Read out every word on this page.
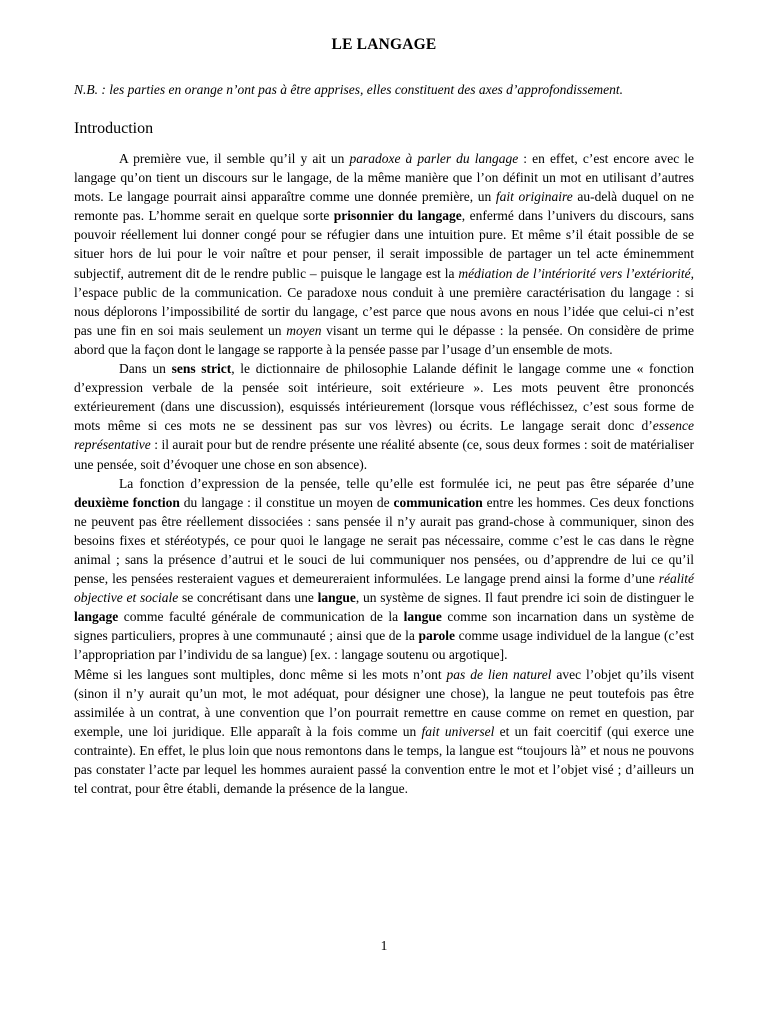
LE LANGAGE

N.B. : les parties en orange n’ont pas à être apprises, elles constituent des axes d’approfondissement.

Introduction

A première vue, il semble qu’il y ait un paradoxe à parler du langage : en effet, c’est encore avec le langage qu’on tient un discours sur le langage, de la même manière que l’on définit un mot en utilisant d’autres mots. Le langage pourrait ainsi apparaître comme une donnée première, un fait originaire au-delà duquel on ne remonte pas. L’homme serait en quelque sorte prisonnier du langage, enfermé dans l’univers du discours, sans pouvoir réellement lui donner congé pour se réfugier dans une intuition pure. Et même s’il était possible de se situer hors de lui pour le voir naître et pour penser, il serait impossible de partager un tel acte éminemment subjectif, autrement dit de le rendre public – puisque le langage est la médiation de l’intériorité vers l’extériorité, l’espace public de la communication. Ce paradoxe nous conduit à une première caractérisation du langage : si nous déplorons l’impossibilité de sortir du langage, c’est parce que nous avons en nous l’idée que celui-ci n’est pas une fin en soi mais seulement un moyen visant un terme qui le dépasse : la pensée. On considère de prime abord que la façon dont le langage se rapporte à la pensée passe par l’usage d’un ensemble de mots.

Dans un sens strict, le dictionnaire de philosophie Lalande définit le langage comme une « fonction d’expression verbale de la pensée soit intérieure, soit extérieure ». Les mots peuvent être prononcés extérieurement (dans une discussion), esquissés intérieurement (lorsque vous réfléchissez, c’est sous forme de mots même si ces mots ne se dessinent pas sur vos lèvres) ou écrits. Le langage serait donc d’essence représentative : il aurait pour but de rendre présente une réalité absente (ce, sous deux formes : soit de matérialiser une pensée, soit d’évoquer une chose en son absence).

La fonction d’expression de la pensée, telle qu’elle est formulée ici, ne peut pas être séparée d’une deuxième fonction du langage : il constitue un moyen de communication entre les hommes. Ces deux fonctions ne peuvent pas être réellement dissociées : sans pensée il n’y aurait pas grand-chose à communiquer, sinon des besoins fixes et stéréotypés, ce pour quoi le langage ne serait pas nécessaire, comme c’est le cas dans le règne animal ; sans la présence d’autrui et le souci de lui communiquer nos pensées, ou d’apprendre de lui ce qu’il pense, les pensées resteraient vagues et demeureraient informulées. Le langage prend ainsi la forme d’une réalité objective et sociale se concrétisant dans une langue, un système de signes. Il faut prendre ici soin de distinguer le langage comme faculté générale de communication de la langue comme son incarnation dans un système de signes particuliers, propres à une communauté ; ainsi que de la parole comme usage individuel de la langue (c’est l’appropriation par l’individu de sa langue) [ex. : langage soutenu ou argotique].

Même si les langues sont multiples, donc même si les mots n’ont pas de lien naturel avec l’objet qu’ils visent (sinon il n’y aurait qu’un mot, le mot adéquat, pour désigner une chose), la langue ne peut toutefois pas être assimilée à un contrat, à une convention que l’on pourrait remettre en cause comme on remet en question, par exemple, une loi juridique. Elle apparaît à la fois comme un fait universel et un fait coercitif (qui exerce une contrainte). En effet, le plus loin que nous remontons dans le temps, la langue est “toujours là” et nous ne pouvons pas constater l’acte par lequel les hommes auraient passé la convention entre le mot et l’objet visé ; d’ailleurs un tel contrat, pour être établi, demande la présence de la langue.

1
